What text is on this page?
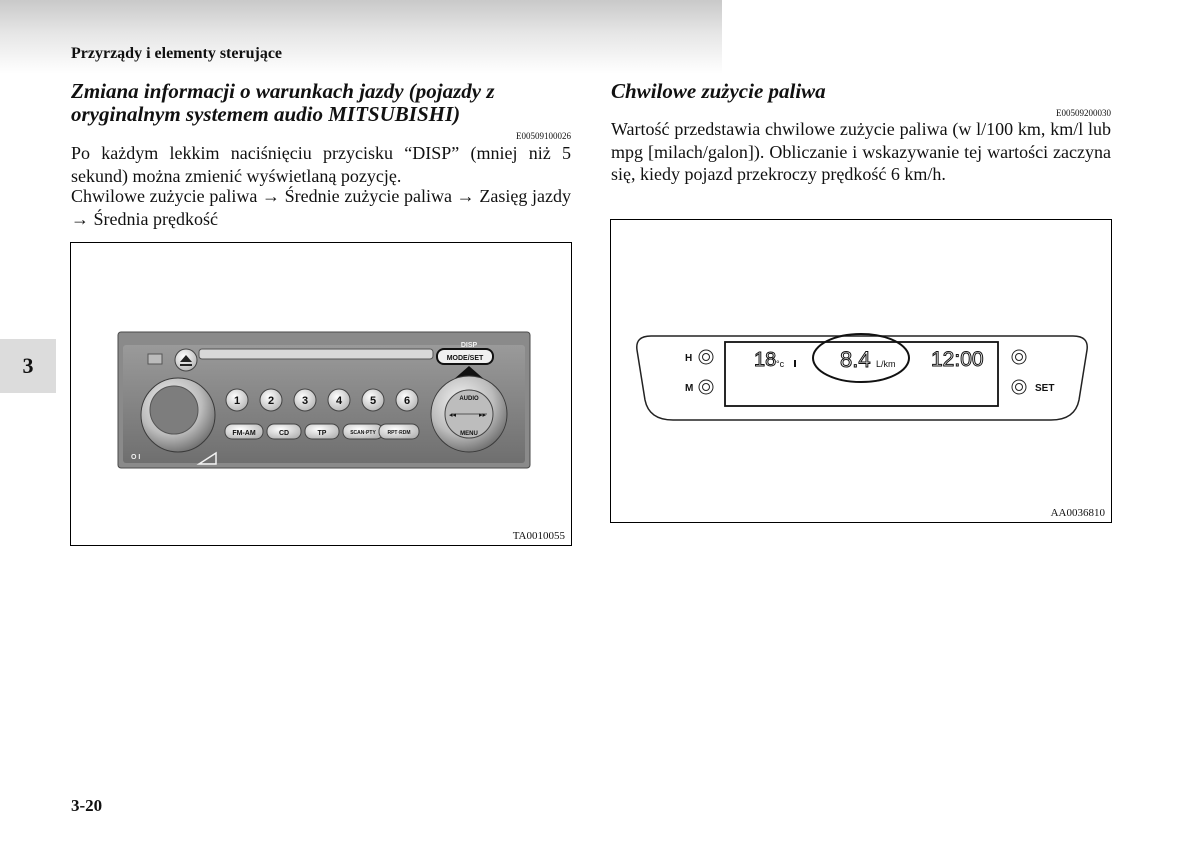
Przyrządy i elementy sterujące
3
Zmiana informacji o warunkach jazdy (pojazdy z oryginalnym systemem audio MITSUBISHI)
E00509100026

Po każdym lekkim naciśnięciu przycisku “DISP” (mniej niż 5 sekund) można zmienić wyświetlaną pozycję.

Chwilowe zużycie paliwa → Średnie zużycie paliwa → Zasięg jazdy → Średnia prędkość

DISP
MODE/SET
O I
1	2	3	4	5	6
FM-AM	CD	TP	SCAN·PTY RPT·RDM
AUDIO
MENU
◂◂	▸▸
TA0010055
Chwilowe zużycie paliwa
E00509200030

Wartość przedstawia chwilowe zużycie paliwa (w l/100 km, km/l lub mpg [milach/galon]). Obliczanie i wskazywanie tej wartości zaczyna się, kiedy pojazd przekroczy prędkość 6 km/h.

H
M
18 °c	8.4 L/km 12:00
SET
AA0036810
3-20
